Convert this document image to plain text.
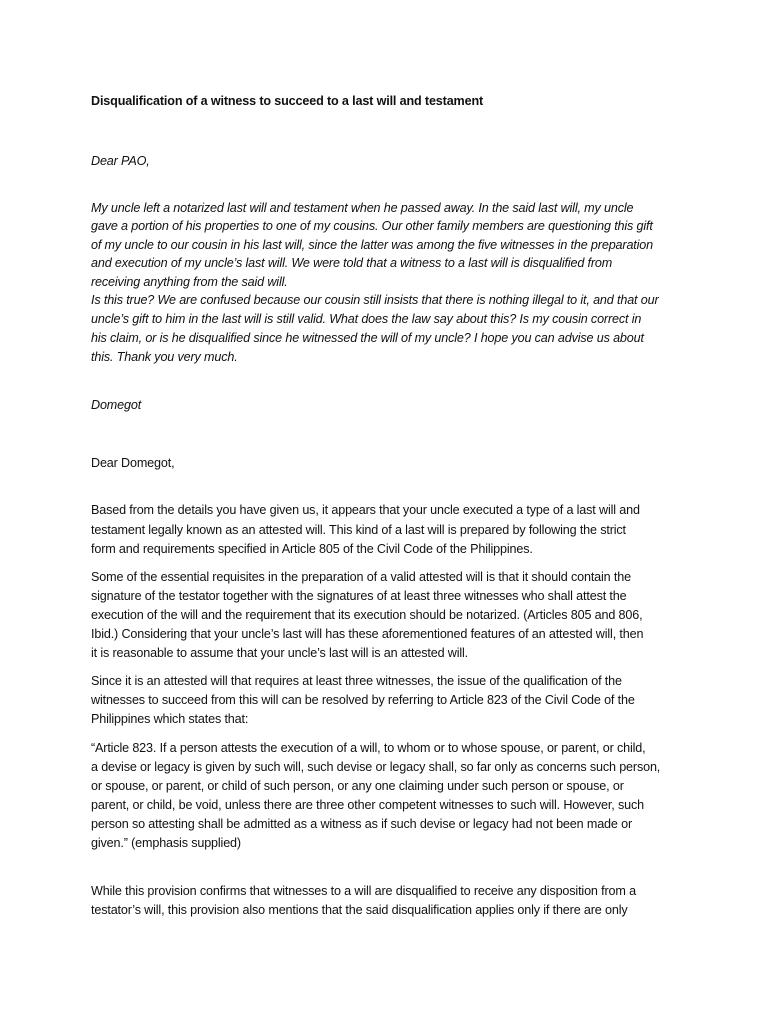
Disqualification of a witness to succeed to a last will and testament
Dear PAO,
My uncle left a notarized last will and testament when he passed away. In the said last will, my uncle
gave a portion of his properties to one of my cousins. Our other family members are questioning this gift
of my uncle to our cousin in his last will, since the latter was among the five witnesses in the preparation
and execution of my uncle’s last will. We were told that a witness to a last will is disqualified from
receiving anything from the said will.
Is this true? We are confused because our cousin still insists that there is nothing illegal to it, and that our
uncle’s gift to him in the last will is still valid. What does the law say about this? Is my cousin correct in
his claim, or is he disqualified since he witnessed the will of my uncle? I hope you can advise us about
this. Thank you very much.
Domegot
Dear Domegot,
Based from the details you have given us, it appears that your uncle executed a type of a last will and
testament legally known as an attested will. This kind of a last will is prepared by following the strict
form and requirements specified in Article 805 of the Civil Code of the Philippines.
Some of the essential requisites in the preparation of a valid attested will is that it should contain the
signature of the testator together with the signatures of at least three witnesses who shall attest the
execution of the will and the requirement that its execution should be notarized. (Articles 805 and 806,
Ibid.) Considering that your uncle’s last will has these aforementioned features of an attested will, then
it is reasonable to assume that your uncle’s last will is an attested will.
Since it is an attested will that requires at least three witnesses, the issue of the qualification of the
witnesses to succeed from this will can be resolved by referring to Article 823 of the Civil Code of the
Philippines which states that:
“Article 823. If a person attests the execution of a will, to whom or to whose spouse, or parent, or child,
a devise or legacy is given by such will, such devise or legacy shall, so far only as concerns such person,
or spouse, or parent, or child of such person, or any one claiming under such person or spouse, or
parent, or child, be void, unless there are three other competent witnesses to such will. However, such
person so attesting shall be admitted as a witness as if such devise or legacy had not been made or
given.” (emphasis supplied)
While this provision confirms that witnesses to a will are disqualified to receive any disposition from a
testator’s will, this provision also mentions that the said disqualification applies only if there are only
